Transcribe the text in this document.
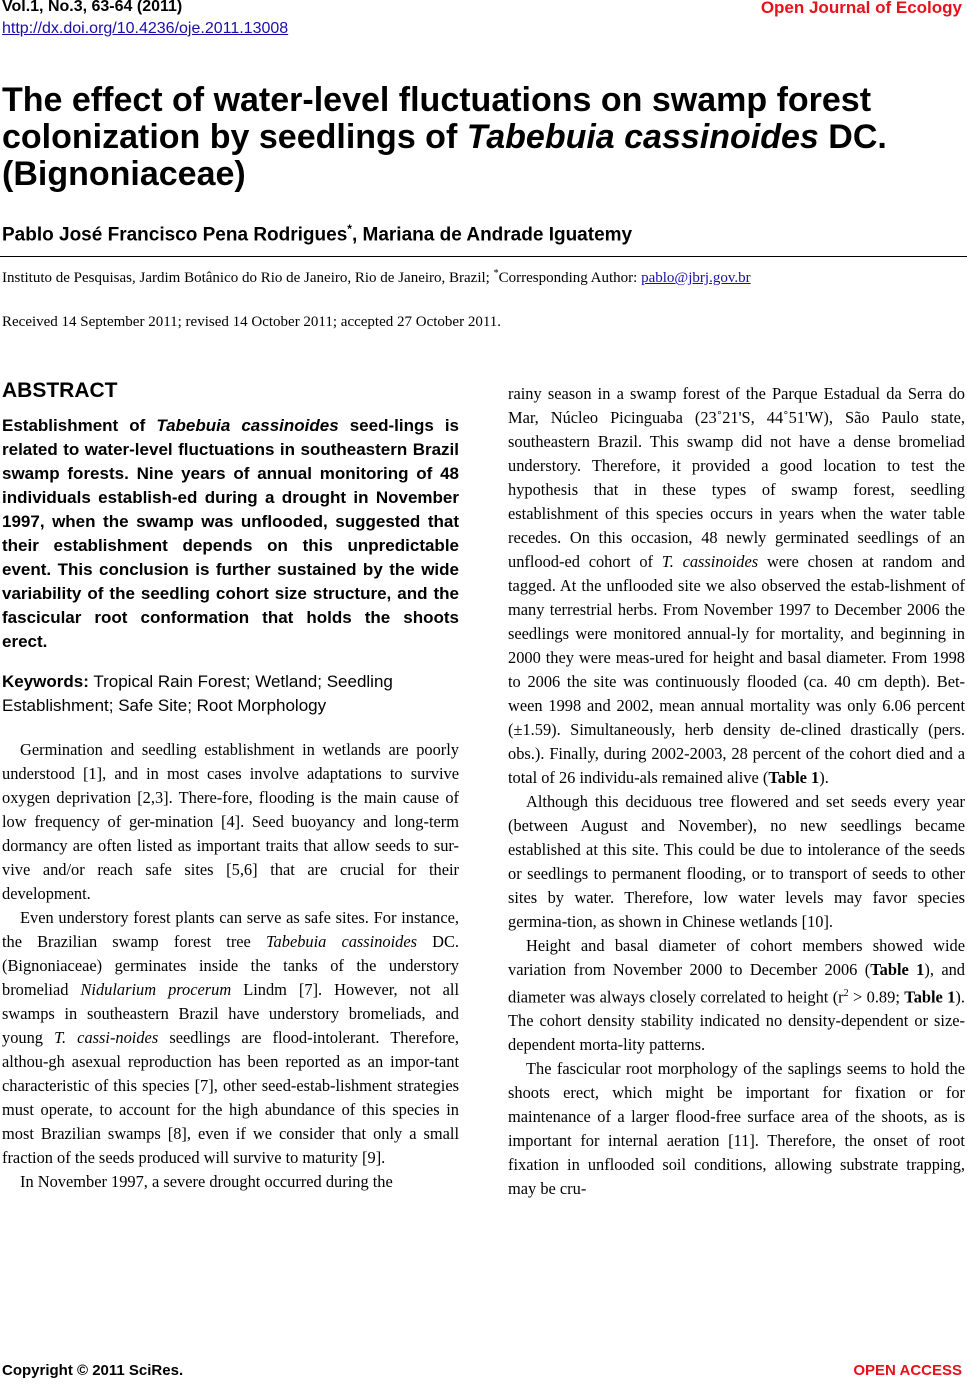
Vol.1, No.3, 63-64 (2011)
http://dx.doi.org/10.4236/oje.2011.13008
Open Journal of Ecology
The effect of water-level fluctuations on swamp forest colonization by seedlings of Tabebuia cassinoides DC. (Bignoniaceae)
Pablo José Francisco Pena Rodrigues*, Mariana de Andrade Iguatemy
Instituto de Pesquisas, Jardim Botânico do Rio de Janeiro, Rio de Janeiro, Brazil; *Corresponding Author: pablo@jbrj.gov.br
Received 14 September 2011; revised 14 October 2011; accepted 27 October 2011.
ABSTRACT

Establishment of Tabebuia cassinoides seed-lings is related to water-level fluctuations in southeastern Brazil swamp forests. Nine years of annual monitoring of 48 individuals establish-ed during a drought in November 1997, when the swamp was unflooded, suggested that their establishment depends on this unpredictable event. This conclusion is further sustained by the wide variability of the seedling cohort size structure, and the fascicular root conformation that holds the shoots erect.

Keywords: Tropical Rain Forest; Wetland; Seedling Establishment; Safe Site; Root Morphology

Germination and seedling establishment in wetlands are poorly understood [1], and in most cases involve adaptations to survive oxygen deprivation [2,3]. There-fore, flooding is the main cause of low frequency of ger-mination [4]. Seed buoyancy and long-term dormancy are often listed as important traits that allow seeds to sur-vive and/or reach safe sites [5,6] that are crucial for their development.

Even understory forest plants can serve as safe sites. For instance, the Brazilian swamp forest tree Tabebuia cassinoides DC. (Bignoniaceae) germinates inside the tanks of the understory bromeliad Nidularium procerum Lindm [7]. However, not all swamps in southeastern Brazil have understory bromeliads, and young T. cassi-noides seedlings are flood-intolerant. Therefore, althou-gh asexual reproduction has been reported as an impor-tant characteristic of this species [7], other seed-estab-lishment strategies must operate, to account for the high abundance of this species in most Brazilian swamps [8], even if we consider that only a small fraction of the seeds produced will survive to maturity [9].

In November 1997, a severe drought occurred during the

rainy season in a swamp forest of the Parque Estadual da Serra do Mar, Núcleo Picinguaba (23˚21'S, 44˚51'W), São Paulo state, southeastern Brazil. This swamp did not have a dense bromeliad understory. Therefore, it provided a good location to test the hypothesis that in these types of swamp forest, seedling establishment of this species occurs in years when the water table recedes. On this occasion, 48 newly germinated seedlings of an unflood-ed cohort of T. cassinoides were chosen at random and tagged. At the unflooded site we also observed the estab-lishment of many terrestrial herbs. From November 1997 to December 2006 the seedlings were monitored annual-ly for mortality, and beginning in 2000 they were meas-ured for height and basal diameter. From 1998 to 2006 the site was continuously flooded (ca. 40 cm depth). Bet-ween 1998 and 2002, mean annual mortality was only 6.06 percent (±1.59). Simultaneously, herb density de-clined drastically (pers. obs.). Finally, during 2002-2003, 28 percent of the cohort died and a total of 26 individu-als remained alive (Table 1).

Although this deciduous tree flowered and set seeds every year (between August and November), no new seedlings became established at this site. This could be due to intolerance of the seeds or seedlings to permanent flooding, or to transport of seeds to other sites by water. Therefore, low water levels may favor species germina-tion, as shown in Chinese wetlands [10].

Height and basal diameter of cohort members showed wide variation from November 2000 to December 2006 (Table 1), and diameter was always closely correlated to height ($r^2 > 0.89$; Table 1). The cohort density stability indicated no density-dependent or size-dependent morta-lity patterns.

The fascicular root morphology of the saplings seems to hold the shoots erect, which might be important for fixation or for maintenance of a larger flood-free surface area of the shoots, as is important for internal aeration [11]. Therefore, the onset of root fixation in unflooded soil conditions, allowing substrate trapping, may be cru-

Copyright © 2011 SciRes.	OPEN ACCESS
